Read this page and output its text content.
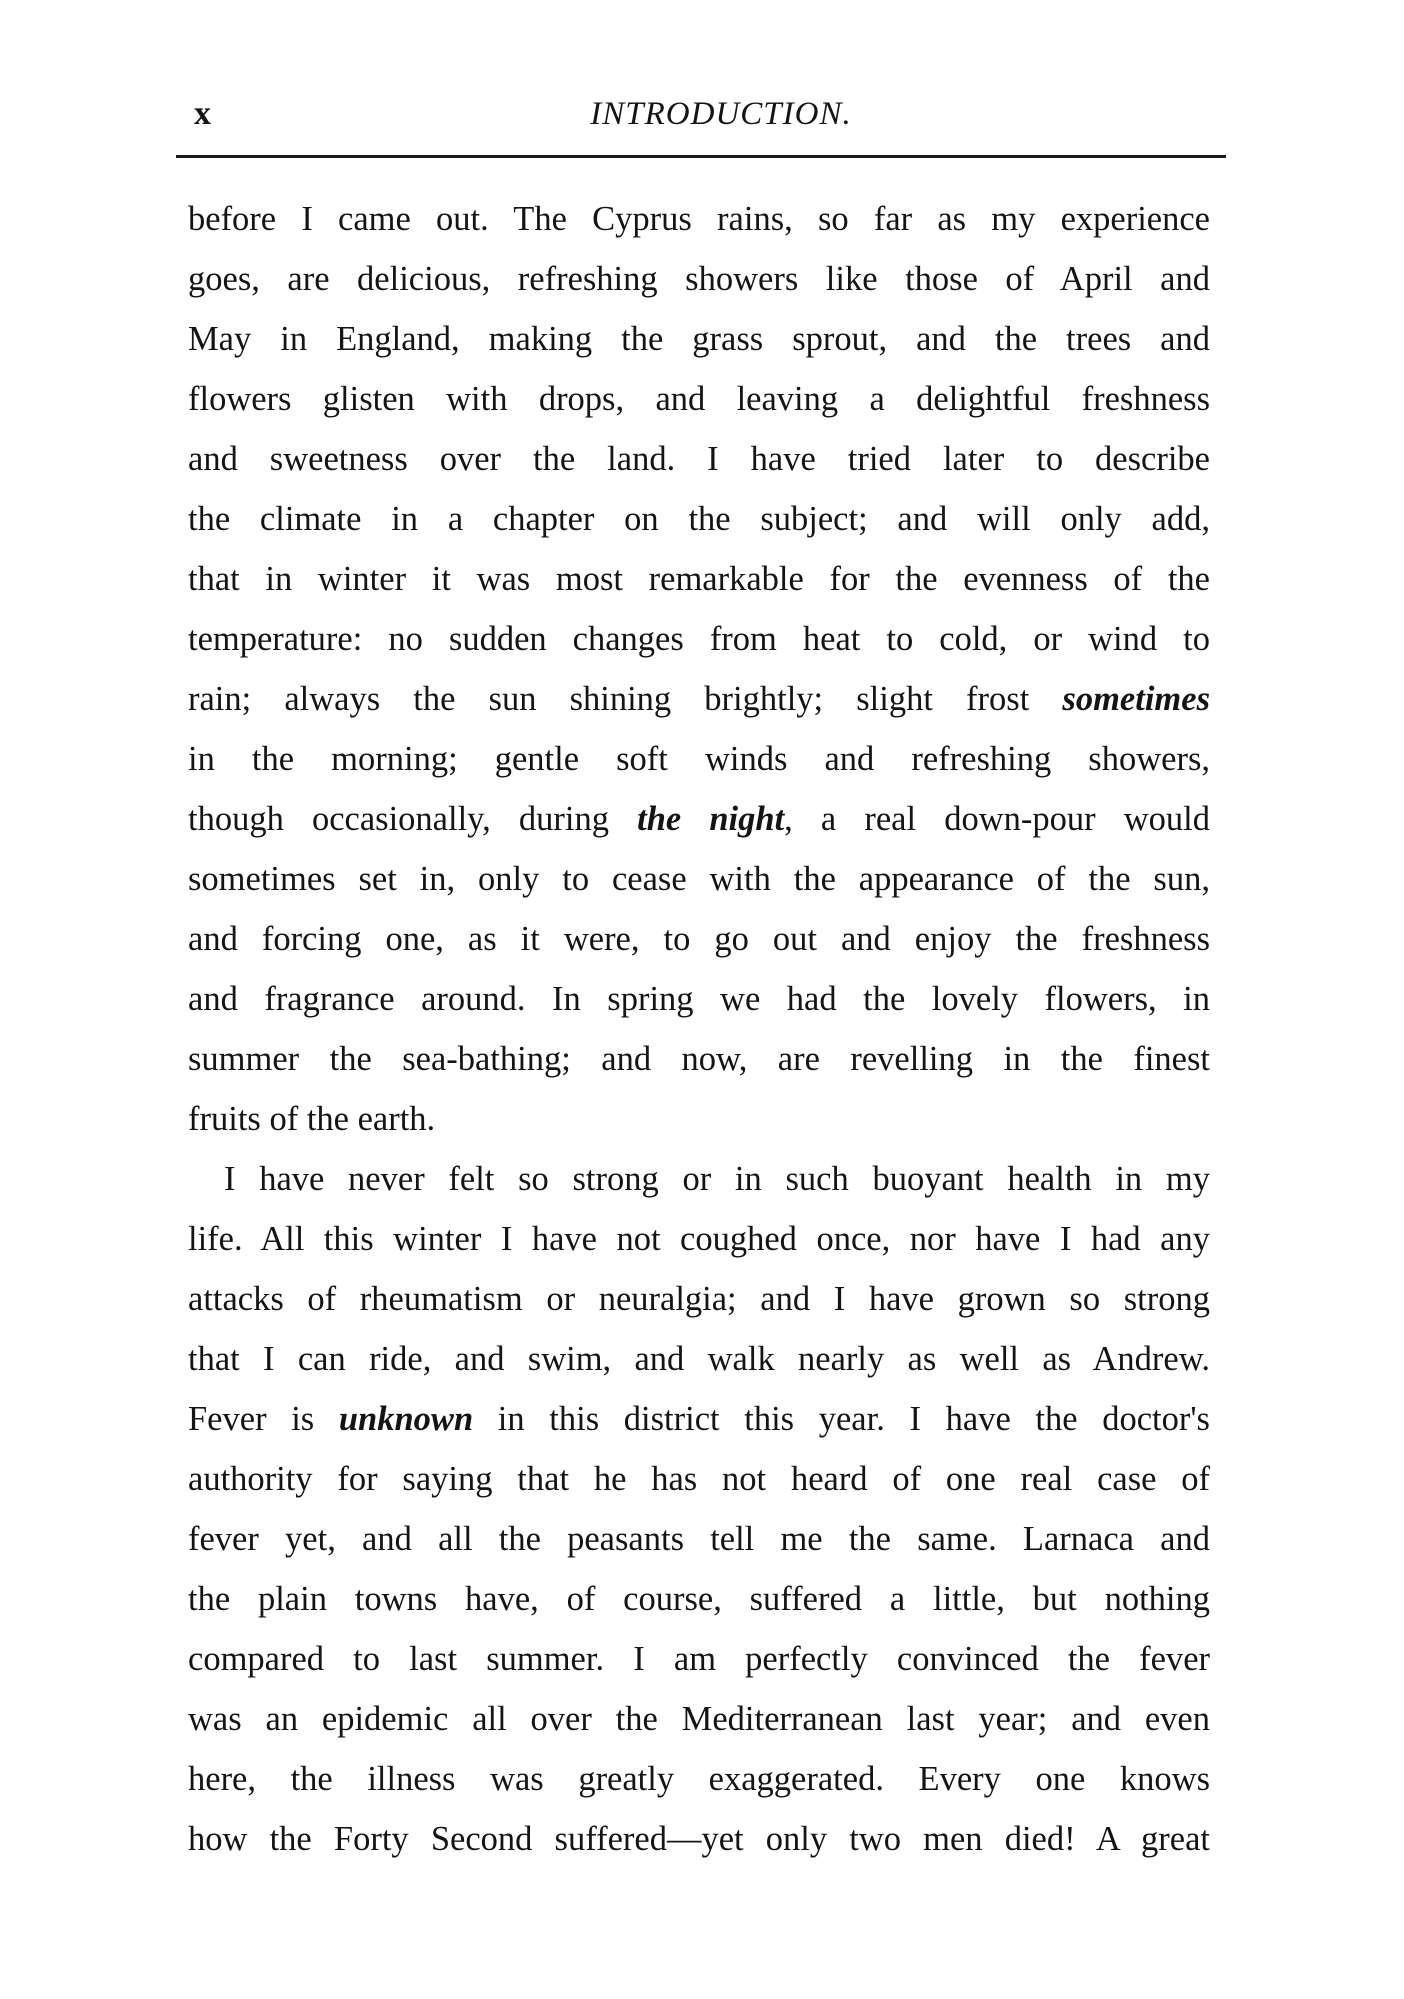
x	INTRODUCTION.
before I came out. The Cyprus rains, so far as my experience
goes, are delicious, refreshing showers like those of April and
May in England, making the grass sprout, and the trees and
flowers glisten with drops, and leaving a delightful freshness
and sweetness over the land. I have tried later to describe
the climate in a chapter on the subject; and will only add,
that in winter it was most remarkable for the evenness of the
temperature: no sudden changes from heat to cold, or wind to
rain; always the sun shining brightly; slight frost sometimes
in the morning; gentle soft winds and refreshing showers,
though occasionally, during the night, a real down-pour would
sometimes set in, only to cease with the appearance of the sun,
and forcing one, as it were, to go out and enjoy the freshness
and fragrance around. In spring we had the lovely flowers, in
summer the sea-bathing; and now, are revelling in the finest
fruits of the earth.
I have never felt so strong or in such buoyant health in my
life. All this winter I have not coughed once, nor have I had any
attacks of rheumatism or neuralgia; and I have grown so strong
that I can ride, and swim, and walk nearly as well as Andrew.
Fever is unknown in this district this year. I have the doctor's
authority for saying that he has not heard of one real case of
fever yet, and all the peasants tell me the same. Larnaca and
the plain towns have, of course, suffered a little, but nothing
compared to last summer. I am perfectly convinced the fever
was an epidemic all over the Mediterranean last year; and even
here, the illness was greatly exaggerated. Every one knows
how the Forty Second suffered—yet only two men died! A great
